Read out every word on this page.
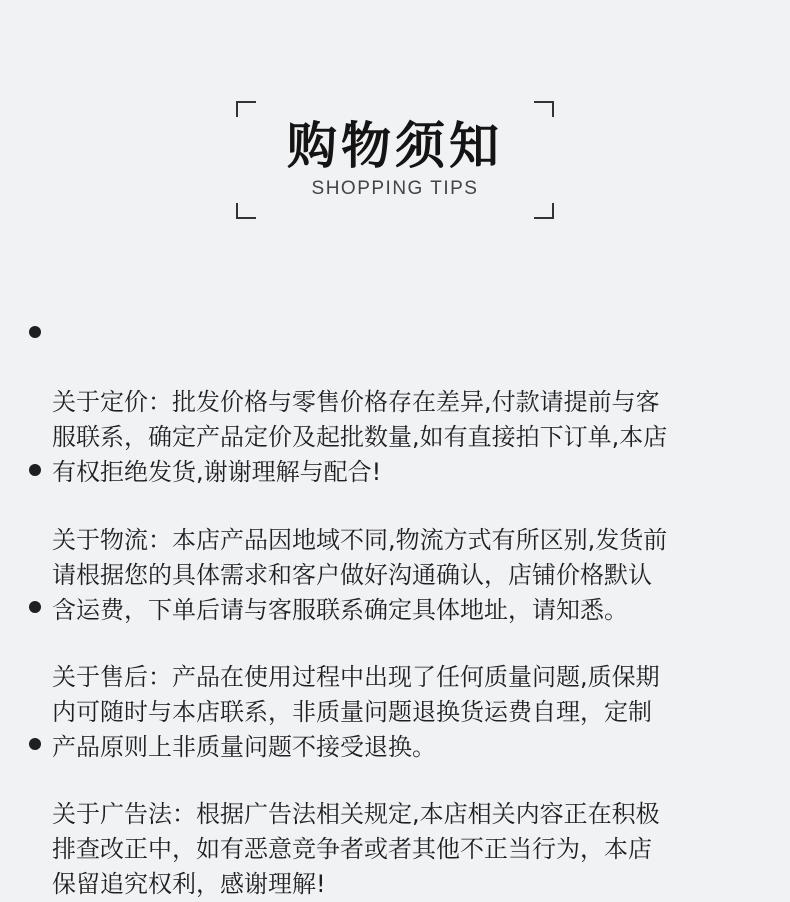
购物须知
SHOPPING TIPS

关于定价：批发价格与零售价格存在差异,付款请提前与客
服联系，确定产品定价及起批数量,如有直接拍下订单,本店
有权拒绝发货,谢谢理解与配合!

关于物流：本店产品因地域不同,物流方式有所区别,发货前
请根据您的具体需求和客户做好沟通确认，店铺价格默认
含运费，下单后请与客服联系确定具体地址，请知悉。

关于售后：产品在使用过程中出现了任何质量问题,质保期
内可随时与本店联系，非质量问题退换货运费自理，定制
产品原则上非质量问题不接受退换。

关于广告法：根据广告法相关规定,本店相关内容正在积极
排查改正中，如有恶意竞争者或者其他不正当行为，本店
保留追究权利，感谢理解!
